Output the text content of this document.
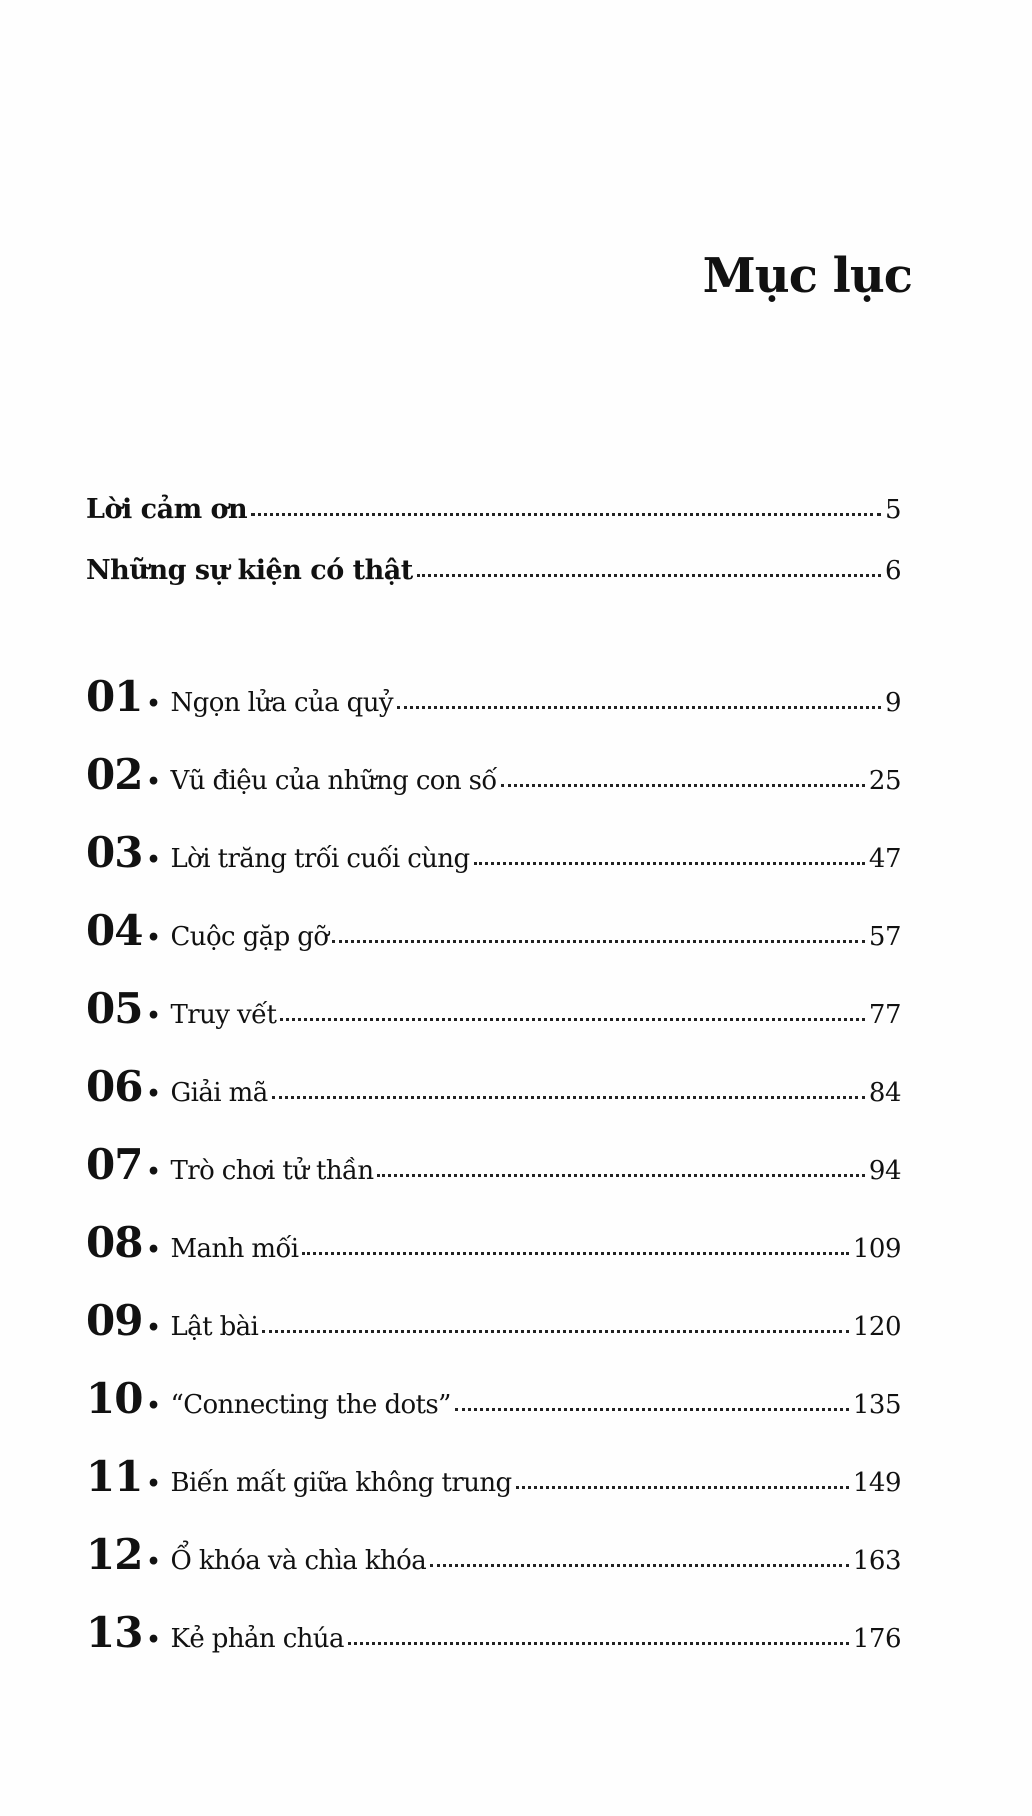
Mục lục
Lời cảm ơn	5
Những sự kiện có thật	6
01 • Ngọn lửa của quỷ	9
02 • Vũ điệu của những con số	25
03 • Lời trăng trối cuối cùng	47
04 • Cuộc gặp gỡ	57
05 • Truy vết	77
06 • Giải mã	84
07 • Trò chơi tử thần	94
08 • Manh mối	109
09 • Lật bài	120
10 • “Connecting the dots”	135
11 • Biến mất giữa không trung	149
12 • Ổ khóa và chìa khóa	163
13 • Kẻ phản chúa	176
